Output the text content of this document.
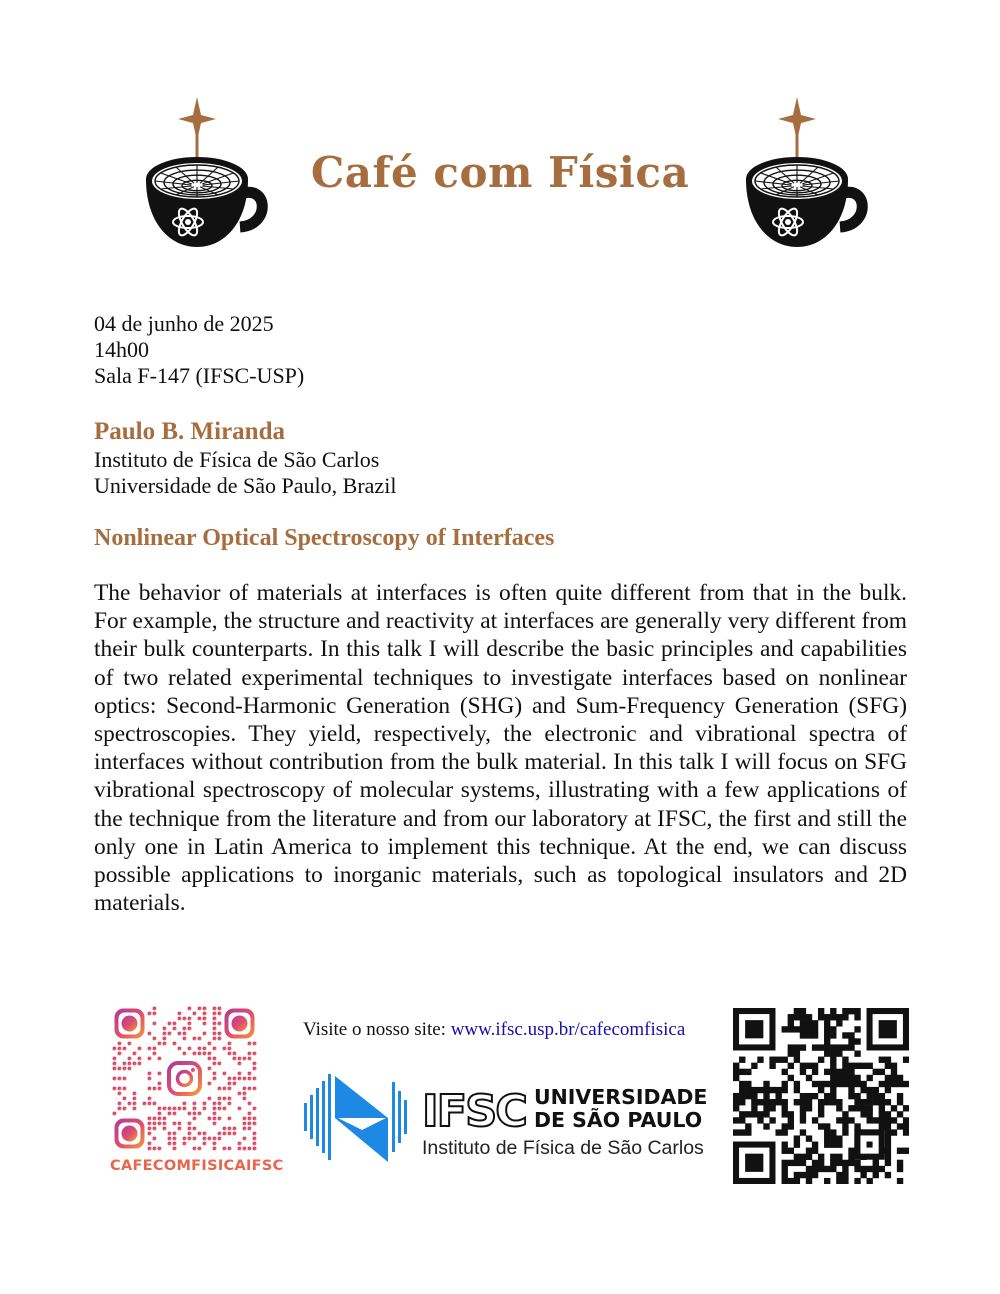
Café com Física
04 de junho de 2025
14h00
Sala F-147 (IFSC-USP)
Paulo B. Miranda
Instituto de Física de São Carlos
Universidade de São Paulo, Brazil
Nonlinear Optical Spectroscopy of Interfaces

The behavior of materials at interfaces is often quite different from that in the bulk. For example, the structure and reactivity at interfaces are generally very different from their bulk counterparts. In this talk I will describe the basic principles and capabilities of two related experimental techniques to investigate interfaces based on nonlinear optics: Second-Harmonic Generation (SHG) and Sum-Frequency Generation (SFG) spectroscopies. They yield, respectively, the electronic and vibrational spectra of interfaces without contribution from the bulk material. In this talk I will focus on SFG vibrational spectroscopy of molecular systems, illustrating with a few applications of the technique from the literature and from our laboratory at IFSC, the first and still the only one in Latin America to implement this technique. At the end, we can discuss possible applications to inorganic materials, such as topological insulators and 2D materials.

CAFECOMFISICAIFSC
Visite o nosso site: www.ifsc.usp.br/cafecomfisica
IFSC UNIVERSIDADE
DE SÃO PAULO
Instituto de Física de São Carlos
